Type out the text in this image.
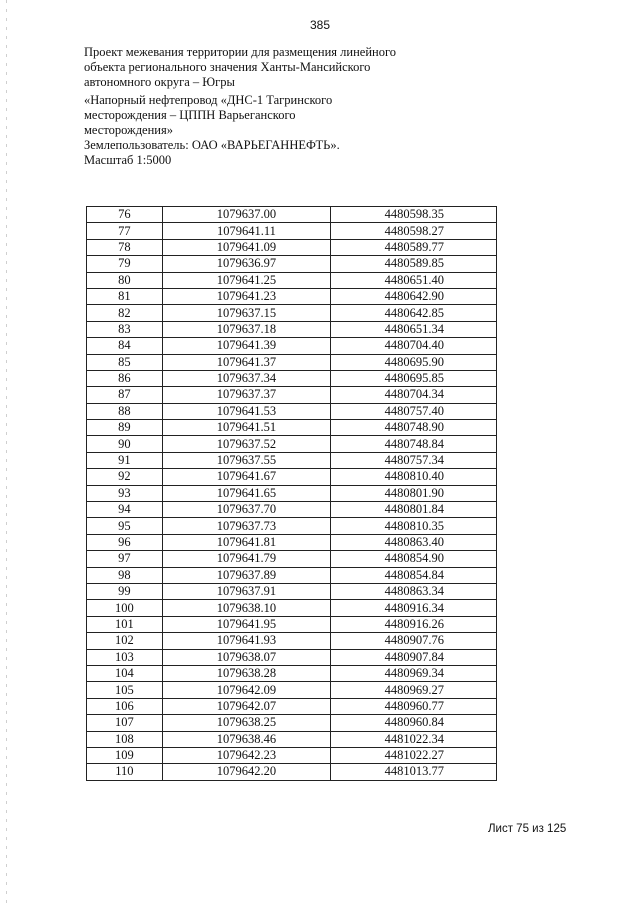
385
Проект межевания территории для размещения линейного
объекта регионального значения Ханты-Мансийского
автономного округа – Югры
«Напорный нефтепровод «ДНС-1 Тагринского
месторождения – ЦППН Варьеганского
месторождения»
Землепользователь: ОАО «ВАРЬЕГАННЕФТЬ».
Масштаб 1:5000
76	1079637.00	4480598.35
77	1079641.11	4480598.27
78	1079641.09	4480589.77
79	1079636.97	4480589.85
80	1079641.25	4480651.40
81	1079641.23	4480642.90
82	1079637.15	4480642.85
83	1079637.18	4480651.34
84	1079641.39	4480704.40
85	1079641.37	4480695.90
86	1079637.34	4480695.85
87	1079637.37	4480704.34
88	1079641.53	4480757.40
89	1079641.51	4480748.90
90	1079637.52	4480748.84
91	1079637.55	4480757.34
92	1079641.67	4480810.40
93	1079641.65	4480801.90
94	1079637.70	4480801.84
95	1079637.73	4480810.35
96	1079641.81	4480863.40
97	1079641.79	4480854.90
98	1079637.89	4480854.84
99	1079637.91	4480863.34
100	1079638.10	4480916.34
101	1079641.95	4480916.26
102	1079641.93	4480907.76
103	1079638.07	4480907.84
104	1079638.28	4480969.34
105	1079642.09	4480969.27
106	1079642.07	4480960.77
107	1079638.25	4480960.84
108	1079638.46	4481022.34
109	1079642.23	4481022.27
110	1079642.20	4481013.77
Лист 75 из 125
